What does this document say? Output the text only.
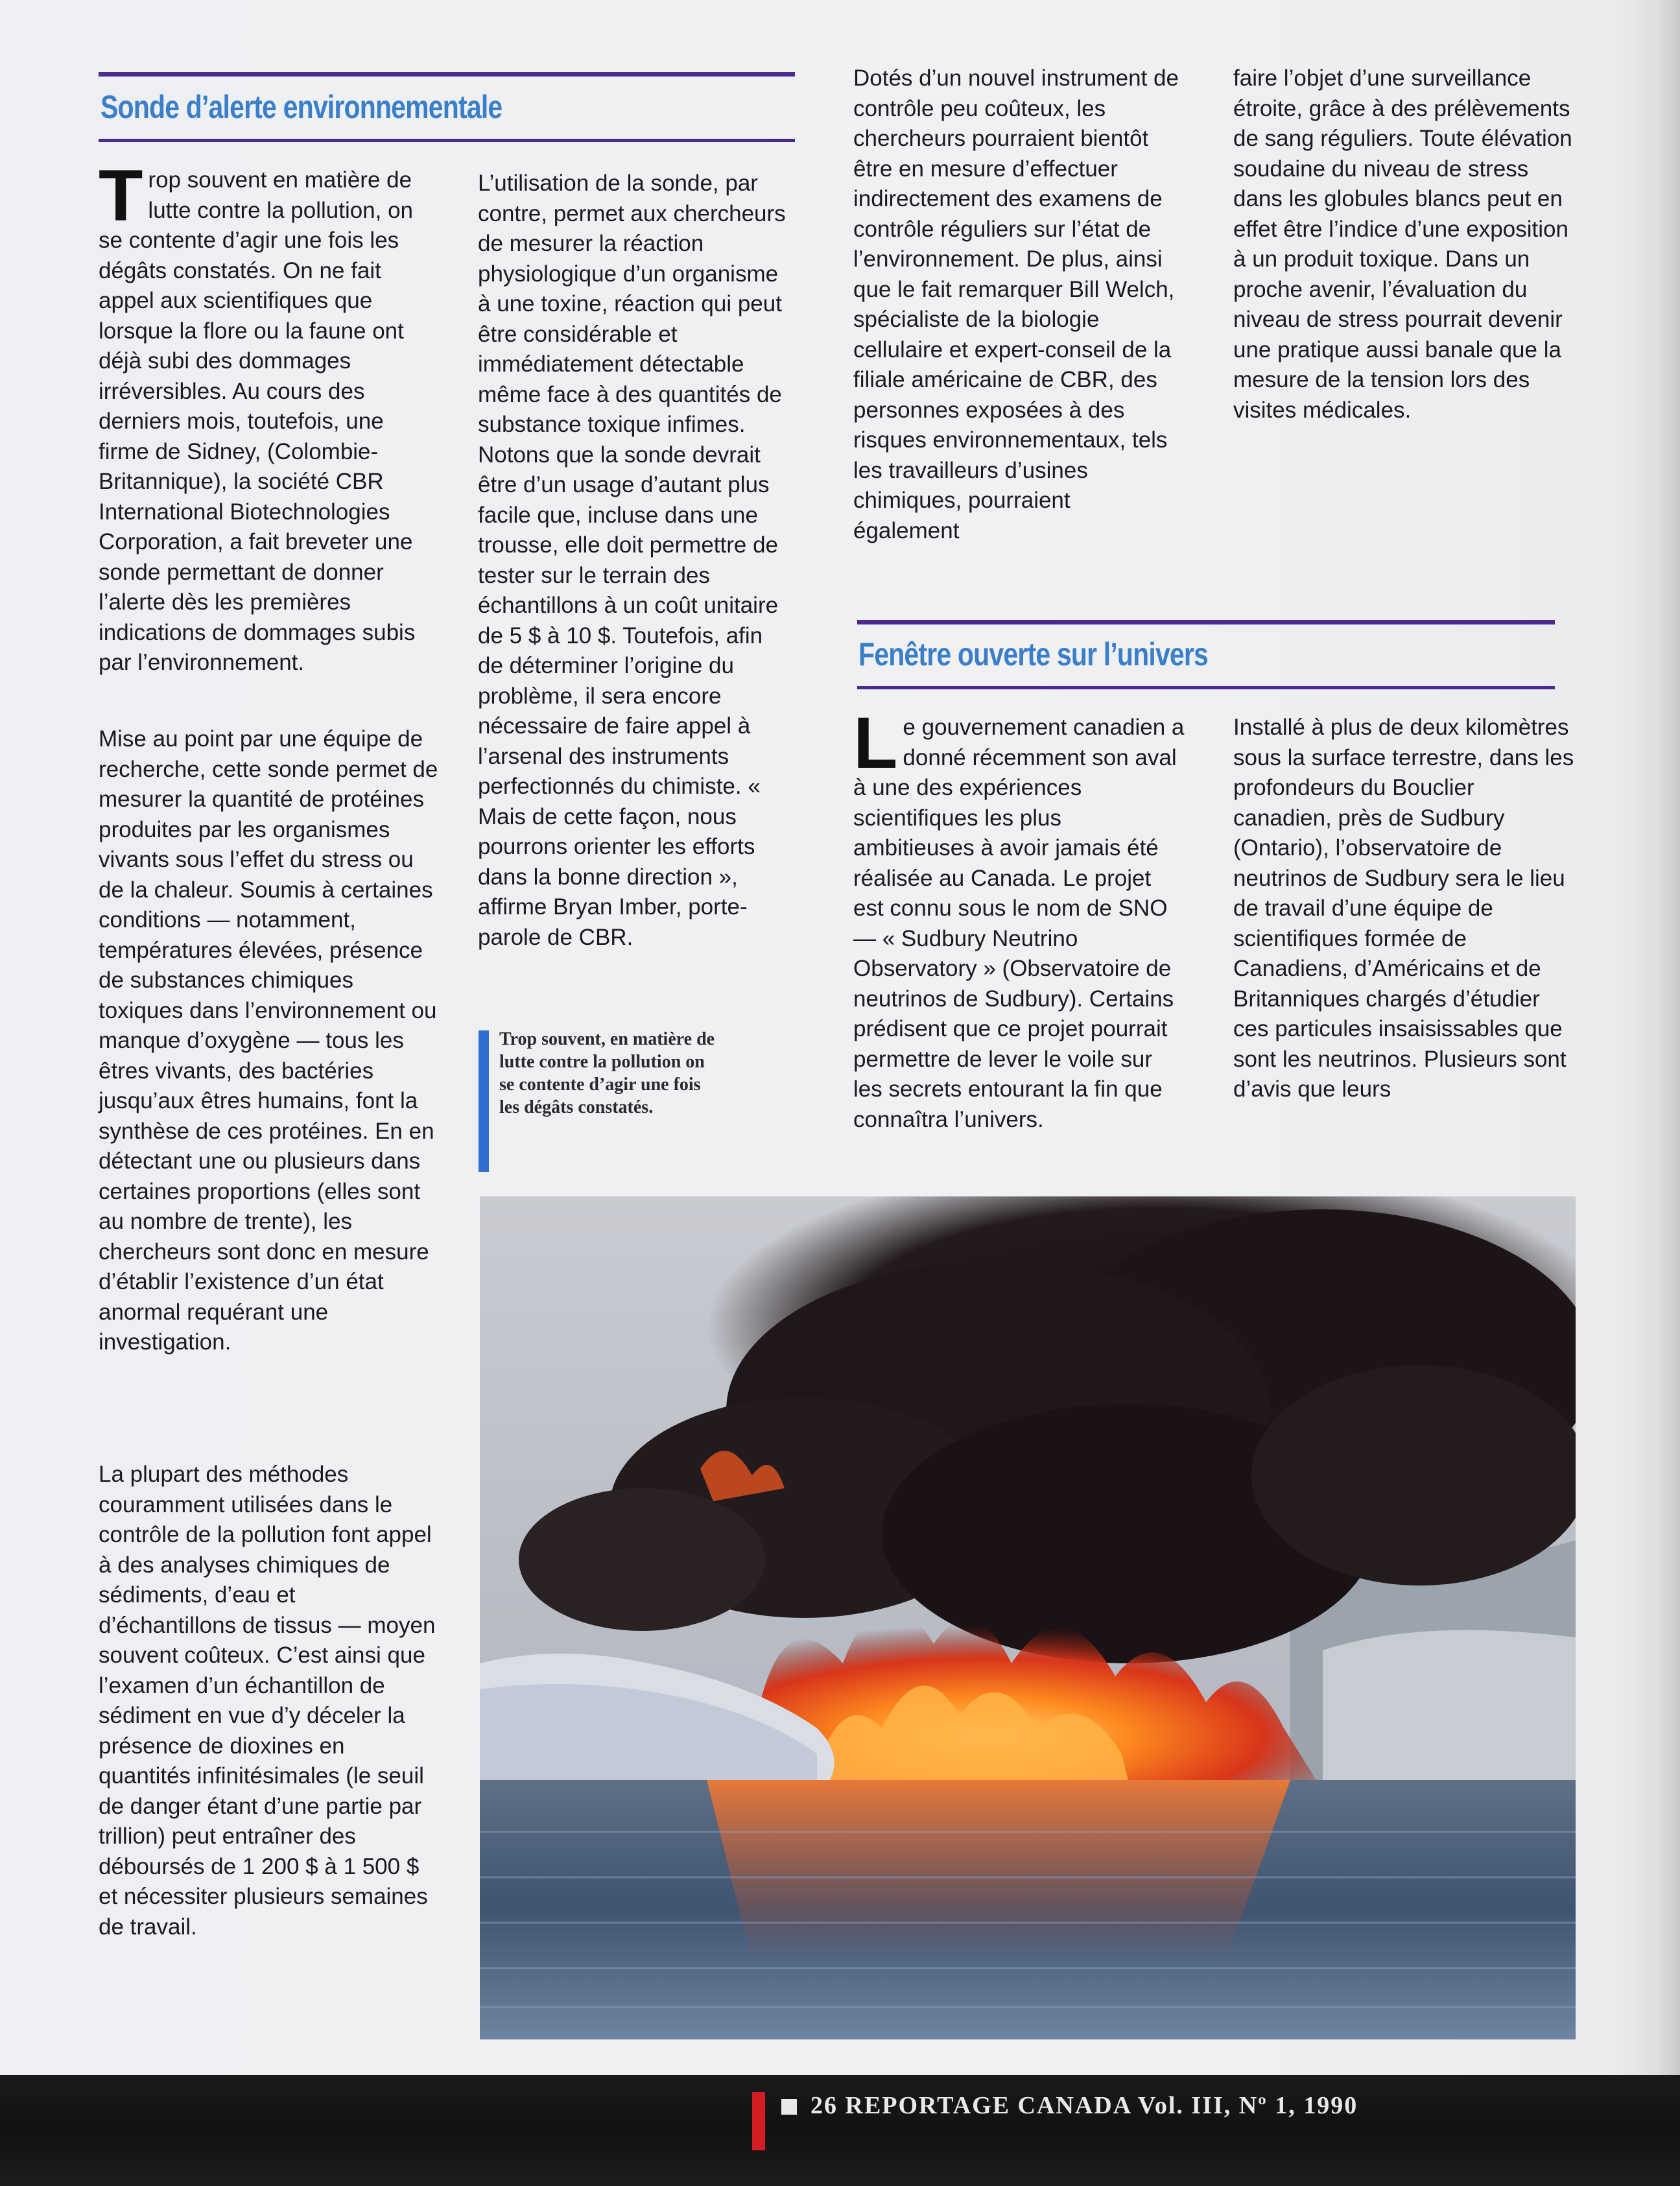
Sonde d’alerte environnementale

Trop souvent en matière de lutte contre la pollution, on se contente d’agir une fois les dégâts constatés. On ne fait appel aux scientifiques que lorsque la flore ou la faune ont déjà subi des dommages irréversibles. Au cours des derniers mois, toutefois, une firme de Sidney, (Colombie-Britannique), la société CBR International Biotechnologies Corporation, a fait breveter une sonde permettant de donner l’alerte dès les premières indications de dommages subis par l’environnement.

Mise au point par une équipe de recherche, cette sonde permet de mesurer la quantité de protéines produites par les organismes vivants sous l’effet du stress ou de la chaleur. Soumis à certaines conditions — notamment, températures élevées, présence de substances chimiques toxiques dans l’environnement ou manque d’oxygène — tous les êtres vivants, des bactéries jusqu’aux êtres humains, font la synthèse de ces protéines. En en détectant une ou plusieurs dans certaines proportions (elles sont au nombre de trente), les chercheurs sont donc en mesure d’établir l’existence d’un état anormal requérant une investigation.

La plupart des méthodes couramment utilisées dans le contrôle de la pollution font appel à des analyses chimiques de sédiments, d’eau et d’échantillons de tissus — moyen souvent coûteux. C’est ainsi que l’examen d’un échantillon de sédiment en vue d’y déceler la présence de dioxines en quantités infinitésimales (le seuil de danger étant d’une partie par trillion) peut entraîner des déboursés de 1 200 $ à 1 500 $ et nécessiter plusieurs semaines de travail.

L’utilisation de la sonde, par contre, permet aux chercheurs de mesurer la réaction physiologique d’un organisme à une toxine, réaction qui peut être considérable et immédiatement détectable même face à des quantités de substance toxique infimes. Notons que la sonde devrait être d’un usage d’autant plus facile que, incluse dans une trousse, elle doit permettre de tester sur le terrain des échantillons à un coût unitaire de 5 $ à 10 $. Toutefois, afin de déterminer l’origine du problème, il sera encore nécessaire de faire appel à l’arsenal des instruments perfectionnés du chimiste. « Mais de cette façon, nous pourrons orienter les efforts dans la bonne direction », affirme Bryan Imber, porte-parole de CBR.

Trop souvent, en matière de lutte contre la pollution on se contente d’agir une fois les dégâts constatés.

Dotés d’un nouvel instrument de contrôle peu coûteux, les chercheurs pourraient bientôt être en mesure d’effectuer indirectement des examens de contrôle réguliers sur l’état de l’environnement. De plus, ainsi que le fait remarquer Bill Welch, spécialiste de la biologie cellulaire et expert-conseil de la filiale américaine de CBR, des personnes exposées à des risques environnementaux, tels les travailleurs d’usines chimiques, pourraient également

faire l’objet d’une surveillance étroite, grâce à des prélèvements de sang réguliers. Toute élévation soudaine du niveau de stress dans les globules blancs peut en effet être l’indice d’une exposition à un produit toxique. Dans un proche avenir, l’évaluation du niveau de stress pourrait devenir une pratique aussi banale que la mesure de la tension lors des visites médicales.

Fenêtre ouverte sur l’univers

Le gouvernement canadien a donné récemment son aval à une des expériences scientifiques les plus ambitieuses à avoir jamais été réalisée au Canada. Le projet est connu sous le nom de SNO — « Sudbury Neutrino Observatory » (Observatoire de neutrinos de Sudbury). Certains prédisent que ce projet pourrait permettre de lever le voile sur les secrets entourant la fin que connaîtra l’univers.

Installé à plus de deux kilomètres sous la surface terrestre, dans les profondeurs du Bouclier canadien, près de Sudbury (Ontario), l’observatoire de neutrinos de Sudbury sera le lieu de travail d’une équipe de scientifiques formée de Canadiens, d’Américains et de Britanniques chargés d’étudier ces particules insaisissables que sont les neutrinos. Plusieurs sont d’avis que leurs

26 REPORTAGE CANADA Vol. III, Nº 1, 1990
